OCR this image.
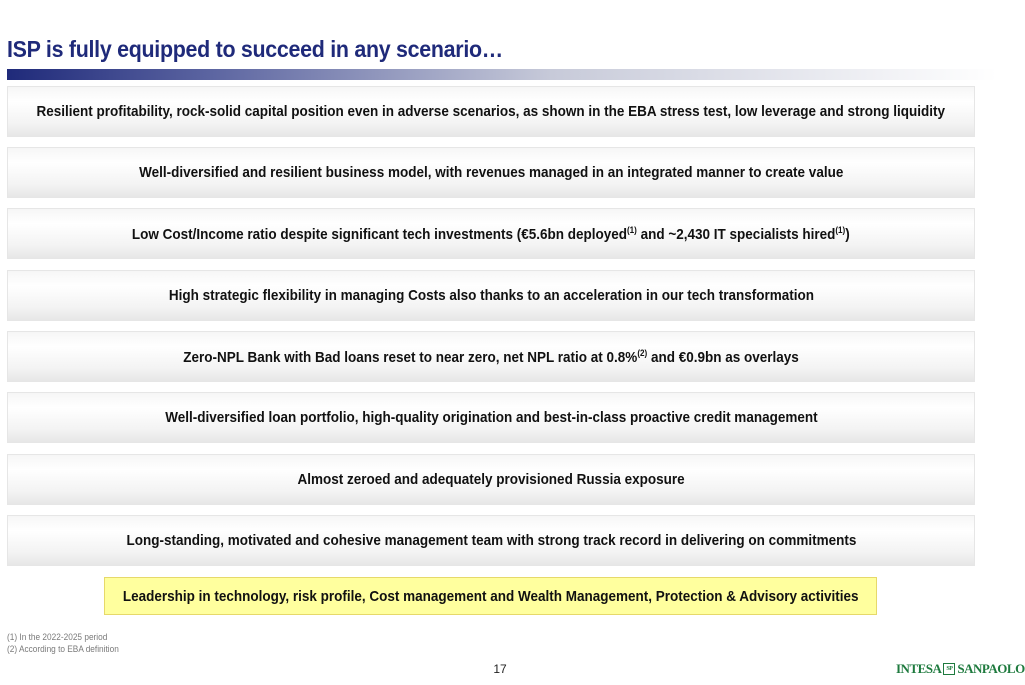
ISP is fully equipped to succeed in any scenario…
Resilient profitability, rock-solid capital position even in adverse scenarios, as shown in the EBA stress test, low leverage and strong liquidity
Well-diversified and resilient business model, with revenues managed in an integrated manner to create value
Low Cost/Income ratio despite significant tech investments (€5.6bn deployed$^{(1)}$ and ~2,430 IT specialists hired$^{(1)}$)
High strategic flexibility in managing Costs also thanks to an acceleration in our tech transformation
Zero-NPL Bank with Bad loans reset to near zero, net NPL ratio at 0.8%$^{(2)}$ and €0.9bn as overlays
Well-diversified loan portfolio, high-quality origination and best-in-class proactive credit management
Almost zeroed and adequately provisioned Russia exposure
Long-standing, motivated and cohesive management team with strong track record in delivering on commitments
Leadership in technology, risk profile, Cost management and Wealth Management, Protection & Advisory activities
(1) In the 2022-2025 period
(2) According to EBA definition
17	INTESA SP SANPAOLO
